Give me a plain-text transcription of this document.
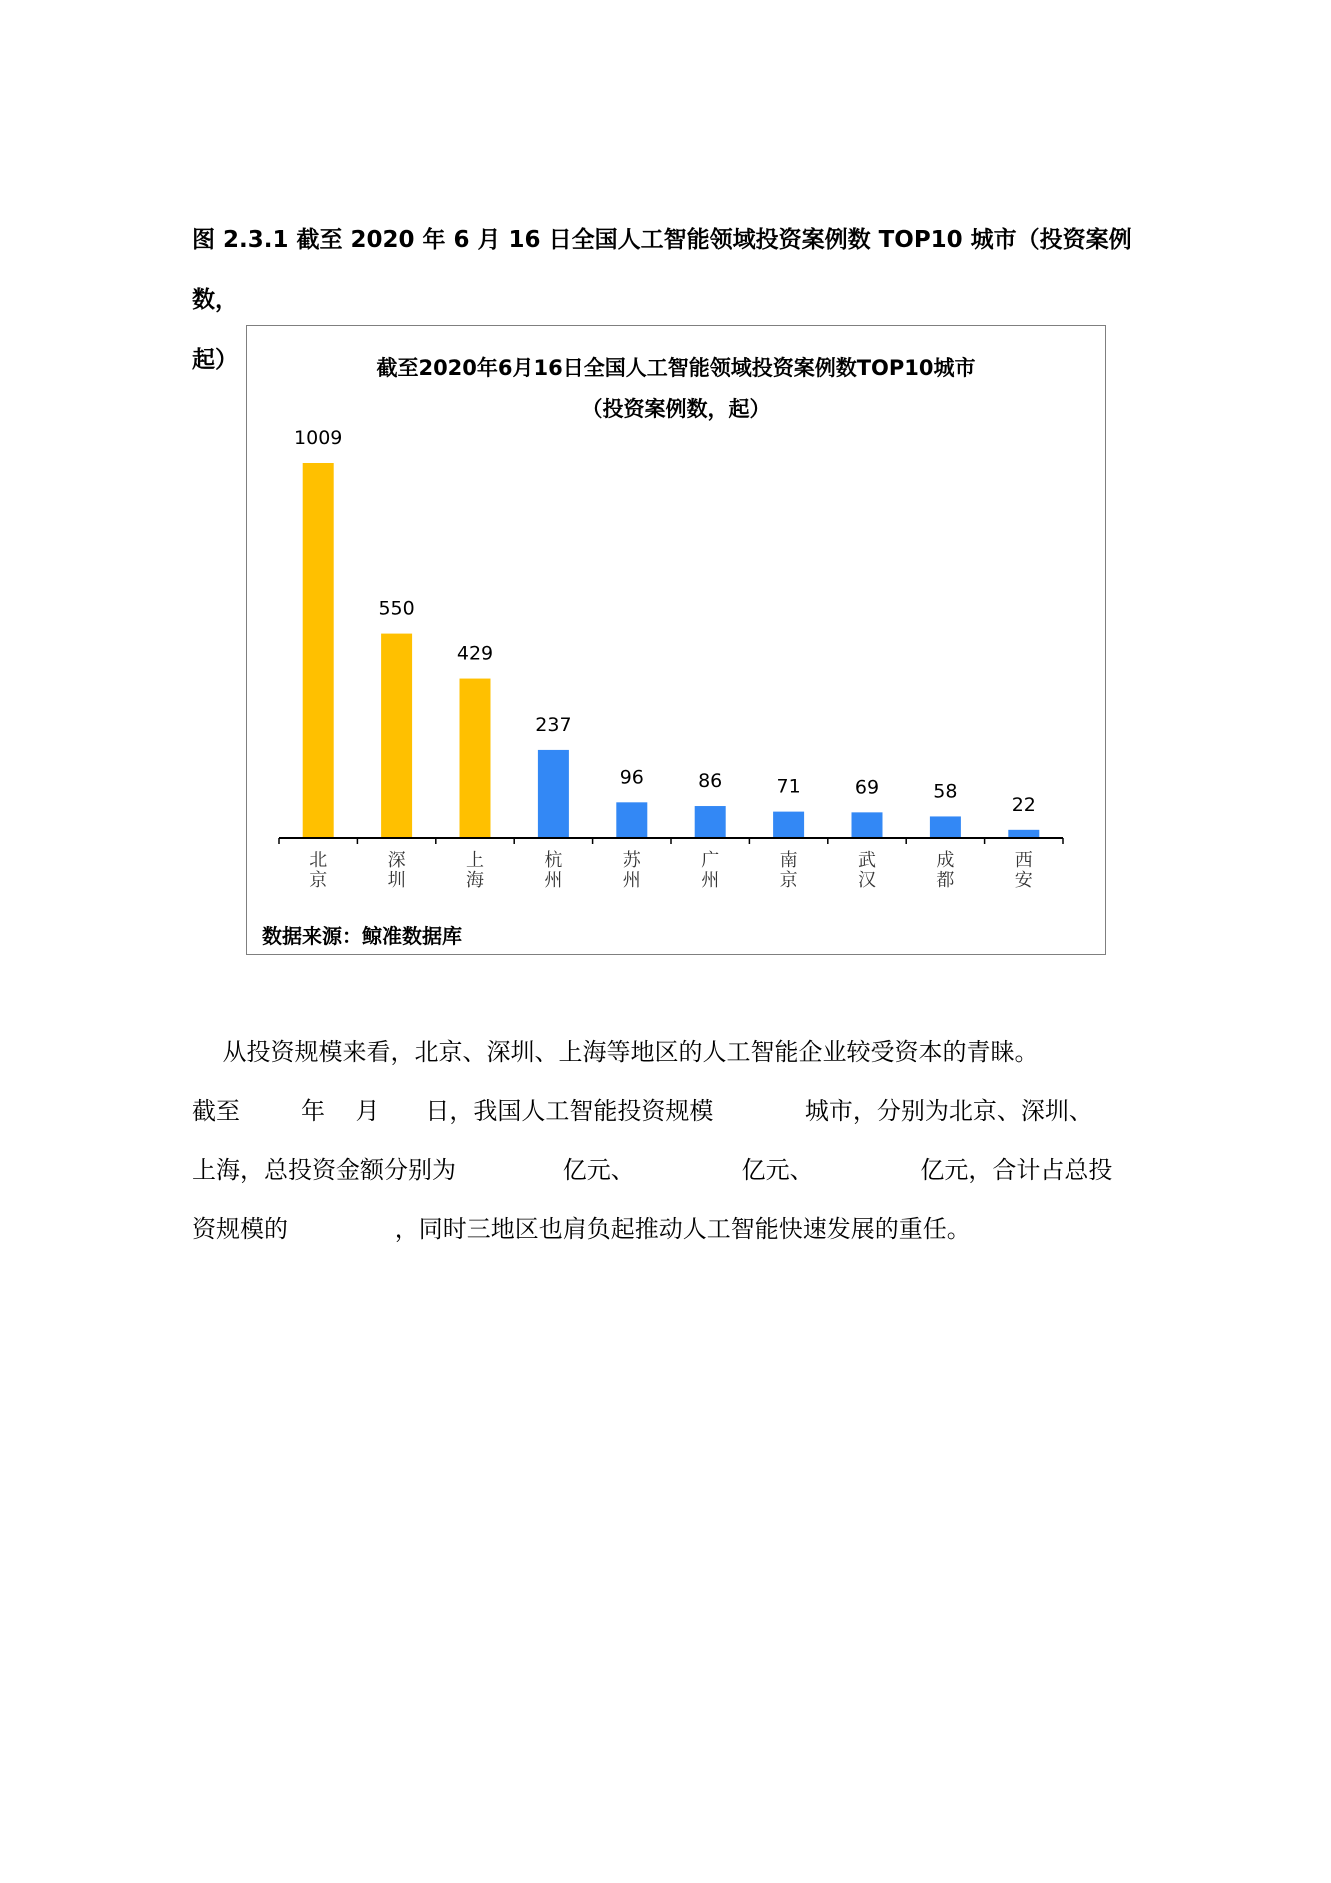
图 2.3.1 截至 2020 年 6 月 16 日全国人工智能领域投资案例数 TOP10 城市（投资案例数，
起）	截至2020年6月16日全国人工智能领域投资案例数TOP10城市
（投资案例数，起）
1009
北京
550
深圳
429
上海
237
杭州
96
苏州
86
广州
71
南京
69
武汉
58
成都
22
西安
数据来源：鲸准数据库

从投资规模来看，北京、深圳、上海等地区的人工智能企业较受资本的青睐。

截至        年    月      日，我国人工智能投资规模            城市，分别为北京、深圳、

上海，总投资金额分别为              亿元、              亿元、              亿元，合计占总投

资规模的              ，同时三地区也肩负起推动人工智能快速发展的重任。
